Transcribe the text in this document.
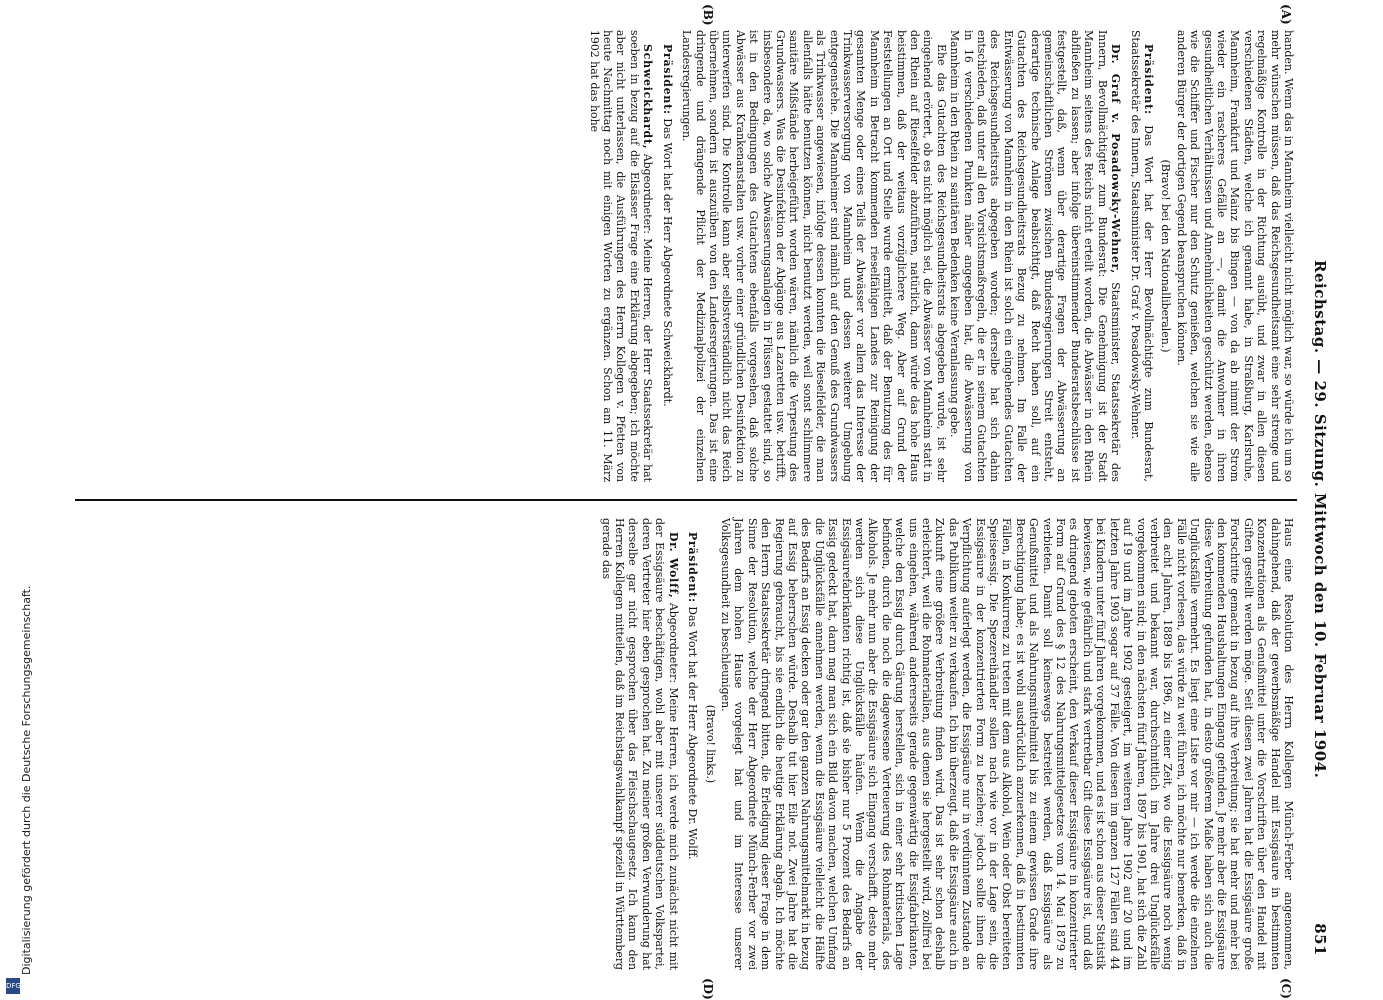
Reichstag. — 29. Sitzung. Mittwoch den 10. Februar 1904.
851
(A)
(B)
(C)
(D)

handen. Wenn das in Mannheim vielleicht nicht möglich war, so würde ich um so mehr wünschen müssen, daß das Reichsgesundheitsamt eine sehr strenge und regelmäßige Kontrolle in der Richtung ausübt, und zwar in allen diesen verschiedenen Städten, welche ich genannt habe, in Straßburg, Karlsruhe, Mannheim, Frankfurt und Mainz bis Bingen — von da ab nimmt der Strom wieder ein rascheres Gefälle an —, damit die Anwohner in ihren gesundheitlichen Verhältnissen und Annehmlichkeiten geschützt werden, ebenso wie die Schiffer und Fischer nur den Schutz genießen, welchen sie wie alle anderen Bürger der dortigen Gegend beanspruchen können.

(Bravo! bei den Nationalliberalen.)

Präsident: Das Wort hat der Herr Bevollmächtigte zum Bundesrat, Staatssekretär des Innern, Staatsminister Dr. Graf v. Posadowsky-Wehner.

Dr. Graf v. Posadowsky-Wehner, Staatsminister, Staatssekretär des Innern, Bevollmächtigter zum Bundesrat: Die Genehmigung ist der Stadt Mannheim seitens des Reichs nicht erteilt worden, die Abwässer in den Rhein abfließen zu lassen; aber infolge übereinstimmender Bundesratsbeschlüsse ist festgestellt, daß, wenn über derartige Fragen der Abwässerung an gemeinschaftlichen Strömen zwischen Bundesregierungen Streit entsteht, derartige technische Anlage beabsichtigt, daß Recht haben soll, auf ein Gutachten des Reichsgesundheitsrats Bezug zu nehmen. Im Falle der Entwässerung von Mannheim in den Rhein ist solch ein eingehendes Gutachten des Reichsgesundheitsrats abgegeben worden; derselbe hat sich dahin entschieden, daß unter all den Vorsichtsmaßregeln, die er in seinem Gutachten in 16 verschiedenen Punkten näher angegeben hat, die Abwässerung von Mannheim in den Rhein zu sanitären Bedenken keine Veranlassung gebe.

Ehe das Gutachten des Reichsgesundheitsrats abgegeben wurde, ist sehr eingehend erörtert, ob es nicht möglich sei, die Abwässer von Mannheim statt in den Rhein auf Rieselfelder abzuführen, natürlich, dann würde das hohe Haus beistimmen, daß der weitaus vorzüglichere Weg. Aber auf Grund der Feststellungen an Ort und Stelle wurde ermittelt, daß der Benutzung des für Mannheim in Betracht kommenden rieselfähigen Landes zur Reinigung der gesamten Menge oder eines Teils der Abwässer vor allem das Interesse der Trinkwasserversorgung von Mannheim und dessen weiterer Umgebung entgegenstehe. Die Mannheimer sind nämlich auf den Genuß des Grundwassers als Trinkwasser angewiesen, infolge dessen konnten die Rieselfelder, die man allenfalls hätte benutzen können, nicht benutzt werden, weil sonst schlimmere sanitäre Mißstände herbeigeführt worden wären, nämlich die Verpestung des Grundwassers. Was die Desinfektion der Abgänge aus Lazaretten usw. betrifft, insbesondere da, wo solche Abwässerungsanlagen in Flüssen gestattet sind, so ist in den Bedingungen des Gutachtens ebenfalls vorgesehen, daß solche Abwässer aus Krankenanstalten usw. vorher einer gründlichen Desinfektion zu unterwerfen sind. Die Kontrolle kann aber selbstverständlich nicht das Reich übernehmen, sondern ist auszuüben von den Landesregierungen. Das ist eine dringende und drängende Pflicht der Medizinalpolizei der einzelnen Landesregierungen.

Präsident: Das Wort hat der Herr Abgeordnete Schweickhardt.

Schweickhardt, Abgeordneter: Meine Herren, der Herr Staatssekretär hat soeben in bezug auf die Elsässer Frage eine Erklärung abgegeben; ich möchte aber nicht unterlassen, die Ausführungen des Herrn Kollegen v. Pfetten von heute Nachmittag noch mit einigen Worten zu ergänzen. Schon am 11. März 1902 hat das hohe

Haus eine Resolution des Herrn Kollegen Münch-Ferber angenommen, dahingehend, daß der gewerbsmäßige Handel mit Essigsäure in bestimmten Konzentrationen als Genußmittel unter die Vorschriften über den Handel mit Giften gestellt werden möge. Seit diesen zwei Jahren hat die Essigsäure große Fortschritte gemacht in bezug auf ihre Verbreitung; sie hat mehr und mehr bei den kommenden Haushaltungen Eingang gefunden. Je mehr aber die Essigsäure diese Verbreitung gefunden hat, in desto größerem Maße haben sich auch die Unglücksfälle vermehrt. Es liegt eine Liste vor mir — ich werde die einzelnen Fälle nicht vorlesen, das würde zu weit führen, ich möchte nur bemerken, daß in den acht Jahren, 1889 bis 1896, zu einer Zeit, wo die Essigsäure noch wenig verbreitet und bekannt war, durchschnittlich im Jahre drei Unglücksfälle vorgekommen sind; in den nächsten fünf Jahren, 1897 bis 1901, hat sich die Zahl auf 19 und im Jahre 1902 gesteigert, im weiteren Jahre 1902 auf 20 und im letzten Jahre 1903 sogar auf 37 Fälle. Von diesen im ganzen 127 Fällen sind 44 bei Kindern unter fünf Jahren vorgekommen, und es ist schon aus dieser Statistik bewiesen, wie gefährlich und stark vertretbar Gift diese Essigsäure ist, und daß es dringend geboten erscheint, den Verkauf dieser Essigsäure in konzentrierter Form auf Grund des § 12 des Nahrungsmittelgesetzes vom 14. Mai 1879 zu verbieten. Damit soll keineswegs bestreitet werden, daß Essigsäure als Genußmittel und als Nahrungsmittelmittel bis zu einem gewissen Grade ihre Berechtigung habe; es ist wohl ausdrücklich anzuerkennen, daß in bestimmten Fällen, in Konkurrenz zu treten mit dem aus Alkohol, Wein oder Obst bereiteten Speiseessig. Die Spezereihändler sollen nach wie vor in der Lage sein, die Essigsäure in der konzentrierten Form zu beziehen; jedoch sollte ihnen die Verpflichtung auferlegt werden, die Essigsäure nur in verdünntem Zustande an das Publikum weiter zu verkaufen. Ich bin überzeugt, daß die Essigsäure auch in Zukunft eine größere Verbreitung finden wird. Das ist sehr schon deshalb erleichtert, weil die Rohmaterialien, aus denen sie hergestellt wird, zollfrei bei uns eingehen, während andererseits gerade gegenwärtig die Essigfabrikanten, welche den Essig durch Gärung herstellen, sich in einer sehr kritischen Lage befinden, durch die noch die dagewesene Verteuerung des Rohmaterials, des Alkohols. Je mehr nun aber die Essigsäure sich Eingang verschafft, desto mehr werden sich diese Unglücksfälle häufen. Wenn die Angabe der Essigsäurefabrikanten richtig ist, daß sie bisher nur 5 Prozent des Bedarfs an Essig gedeckt hat, dann mag man sich ein Bild davon machen, welchen Umfang die Unglücksfälle annehmen werden, wenn die Essigsäure vielleicht die Hälfte des Bedarfs an Essig decken oder gar den ganzen Nahrungsmittelmarkt in bezug auf Essig beherrschen würde. Deshalb tut hier Eile not. Zwei Jahre hat die Regierung gebraucht, bis sie endlich die heutige Erklärung abgab. Ich möchte den Herrn Staatssekretär dringend bitten, die Erledigung dieser Frage in dem Sinne der Resolution, welche der Herr Abgeordnete Münch-Ferber vor zwei Jahren dem hohen Hause vorgelegt hat und im Interesse unserer Volksgesundheit zu beschleunigen.

(Bravo! links.)

Präsident: Das Wort hat der Herr Abgeordnete Dr. Wolff.

Dr. Wolff, Abgeordneter: Meine Herren, ich werde mich zunächst nicht mit der Essigsäure beschäftigen, wohl aber mit unserer süddeutschen Volkspartei, deren Vertreter hier eben gesprochen hat. Zu meiner großen Verwunderung hat derselbe gar nicht gesprochen über das Fleischschaugesetz. Ich kann den Herren Kollegen mitteilen, daß im Reichstagswahlkampf speziell in Württemberg gerade das

Digitalisierung gefördert durch die Deutsche Forschungsgemeinschaft.
DFG
